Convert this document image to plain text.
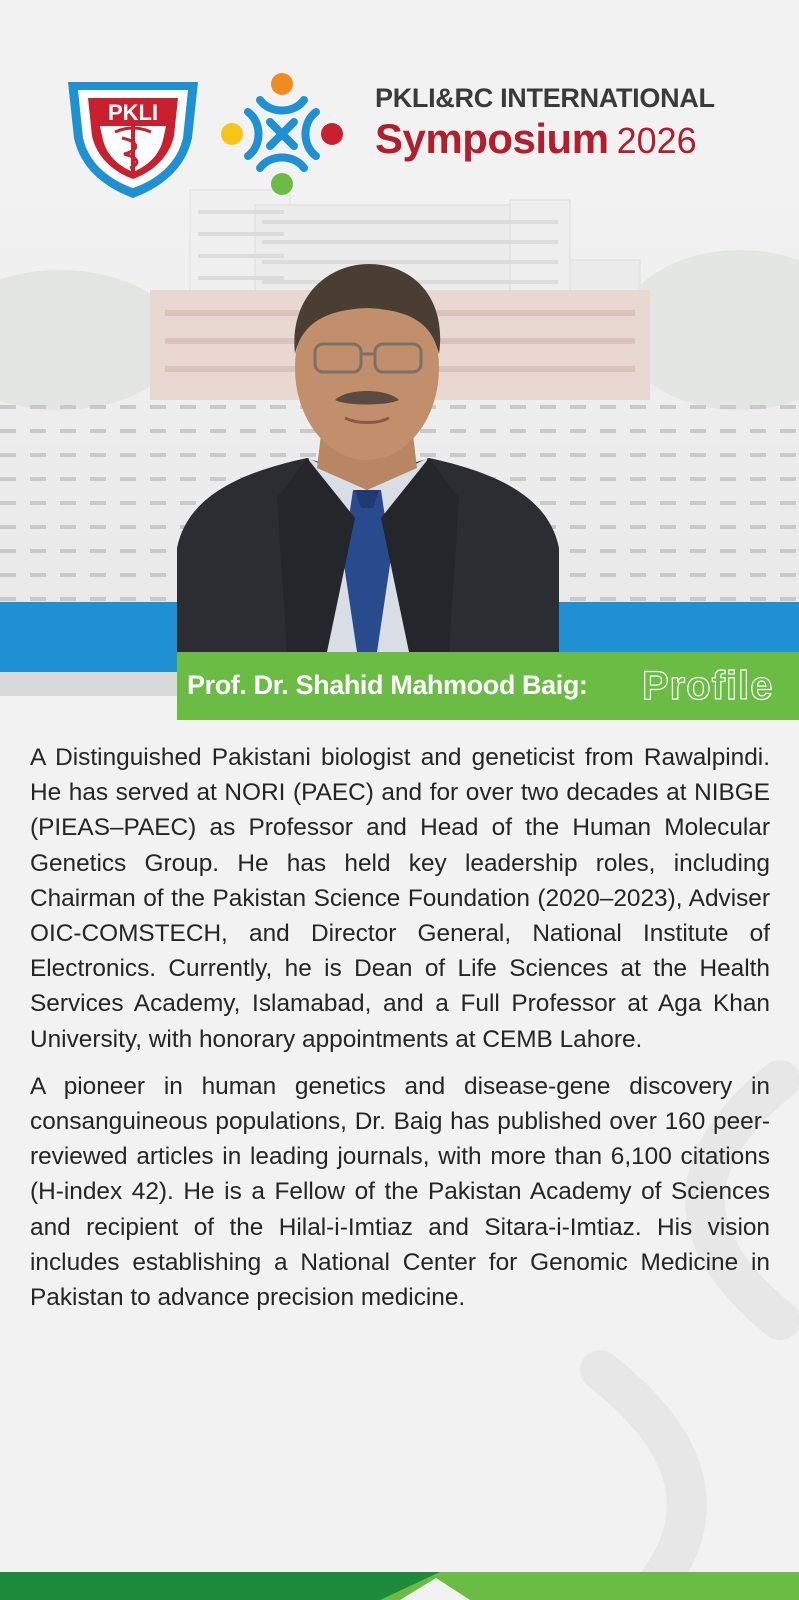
PKLI	PKLI&RC INTERNATIONAL
Symposium 2026
Prof. Dr. Shahid Mahmood Baig: Profile

A Distinguished Pakistani biologist and geneticist from Rawalpindi. He has served at NORI (PAEC) and for over two decades at NIBGE (PIEAS–PAEC) as Professor and Head of the Human Molecular Genetics Group. He has held key leadership roles, including Chairman of the Pakistan Science Foundation (2020–2023), Adviser OIC-COMSTECH, and Director General, National Institute of Electronics. Currently, he is Dean of Life Sciences at the Health Services Academy, Islamabad, and a Full Professor at Aga Khan University, with honorary appointments at CEMB Lahore.

A pioneer in human genetics and disease-gene discovery in consanguineous populations, Dr. Baig has published over 160 peer-reviewed articles in leading journals, with more than 6,100 citations (H-index 42). He is a Fellow of the Pakistan Academy of Sciences and recipient of the Hilal-i-Imtiaz and Sitara-i-Imtiaz. His vision includes establishing a National Center for Genomic Medicine in Pakistan to advance precision medicine.
